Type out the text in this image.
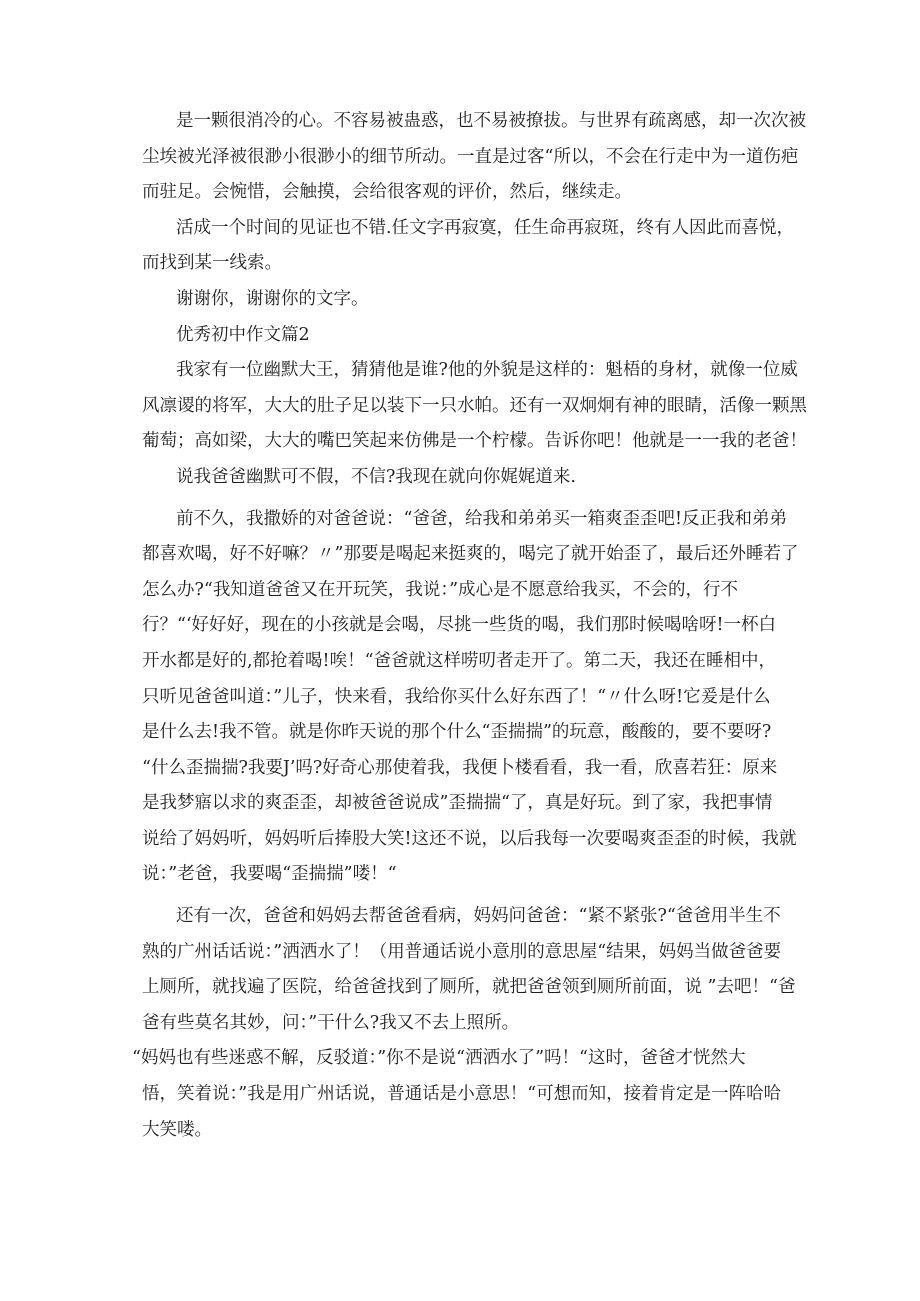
是一颗很消冷的心。不容易被蛊惑，也不易被撩拔。与世界有疏离感，却一次次被
尘埃被光泽被很渺小很渺小的细节所动。一直是过客“所以，不会在行走中为一道伤疤
而驻足。会惋惜，会触摸，会给很客观的评价，然后，继续走。
活成一个时间的见证也不错.任文字再寂寞，任生命再寂斑，终有人因此而喜悦，
而找到某一线索。
谢谢你，谢谢你的文字。
优秀初中作文篇2
我家有一位幽默大王，猜猜他是谁?他的外貌是这样的：魁梧的身材，就像一位威
风凛谡的将军，大大的肚子足以装下一只水帕。还有一双炯炯有神的眼睛，活像一颗黑
葡萄；高如梁，大大的嘴巴笑起来仿佛是一个柠檬。告诉你吧！他就是一一我的老爸！
说我爸爸幽默可不假，不信?我现在就向你娓娓道来.
前不久，我撒娇的对爸爸说：“爸爸，给我和弟弟买一箱爽歪歪吧!反正我和弟弟
都喜欢喝，好不好嘛？〃”那要是喝起来挺爽的，喝完了就开始歪了，最后还外睡若了
怎么办?“我知道爸爸又在开玩笑，我说：”成心是不愿意给我买，不会的，行不
行？“‘好好好，现在的小孩就是会喝，尽挑一些货的喝，我们那时候喝啥呀!一杯白
开水都是好的,都抢着喝!唉！“爸爸就这样唠叨者走开了。第二天，我还在睡相中，
只听见爸爸叫道：”儿子，快来看，我给你买什么好东西了！“〃什么呀!它爰是什么
是什么去!我不管。就是你昨天说的那个什么“歪揣揣”的玩意，酸酸的，要不要呀?
“什么歪揣揣?我要J’吗?好奇心那使着我，我便卜楼看看，我一看，欣喜若狂：原来
是我梦寤以求的爽歪歪，却被爸爸说成”歪揣揣“了，真是好玩。到了家，我把事情
说给了妈妈听，妈妈听后捧股大笑!这还不说，以后我每一次要喝爽歪歪的时候，我就
说：”老爸，我要喝“歪揣揣”喽！“
还有一次，爸爸和妈妈去帮爸爸看病，妈妈问爸爸：“紧不紧张?“爸爸用半生不
熟的广州话话说：”洒洒水了！（用普通话说小意刖的意思屋“结果，妈妈当做爸爸要
上厕所，就找遍了医院，给爸爸找到了厕所，就把爸爸领到厕所前面，说 ”去吧！“爸
爸有些莫名其妙，问：”干什么?我又不去上照所。
“妈妈也有些迷惑不解，反驳道：”你不是说“洒洒水了”吗！“这时，爸爸才恍然大
悟，笑着说：”我是用广州话说，普通话是小意思！“可想而知，接着肯定是一阵哈哈
大笑喽。
